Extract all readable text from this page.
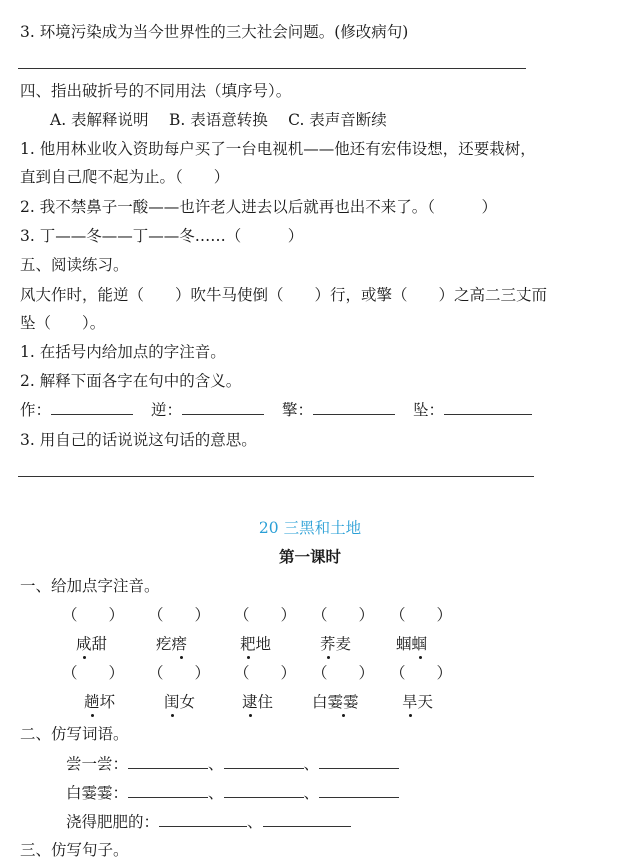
3. 环境污染成为当今世界性的三大社会问题。(修改病句)
四、指出破折号的不同用法（填序号）。
A. 表解释说明　 B. 表语意转换　 C. 表声音断续
1. 他用林业收入资助每户买了一台电视机——他还有宏伟设想，还要栽树，
直到自己爬不起为止。（　　）
2. 我不禁鼻子一酸——也许老人进去以后就再也出不来了。（　　　）
3. 丁——冬——丁——冬……（　　　）
五、阅读练习。
风大作时，能逆（　　）吹牛马使倒（　　）行，或擎（　　）之高二三丈而
坠（　　）。
1. 在括号内给加点的字注音。
2. 解释下面各字在句中的含义。
作：	逆：	擎：	坠：
3. 用自己的话说说这句话的意思。
20 三黑和土地
第一课时
一、给加点字注音。
（　　） （　　） （　　） （　　） （　　）
咸甜	疙瘩	耙地	荞麦	蝈蝈
（　　） （　　） （　　） （　　） （　　）
趟坏	闺女	逮住	白霎霎	旱天
二、仿写词语。
尝一尝：	、	、
白霎霎：	、	、
浇得肥肥的：	、
三、仿写句子。
